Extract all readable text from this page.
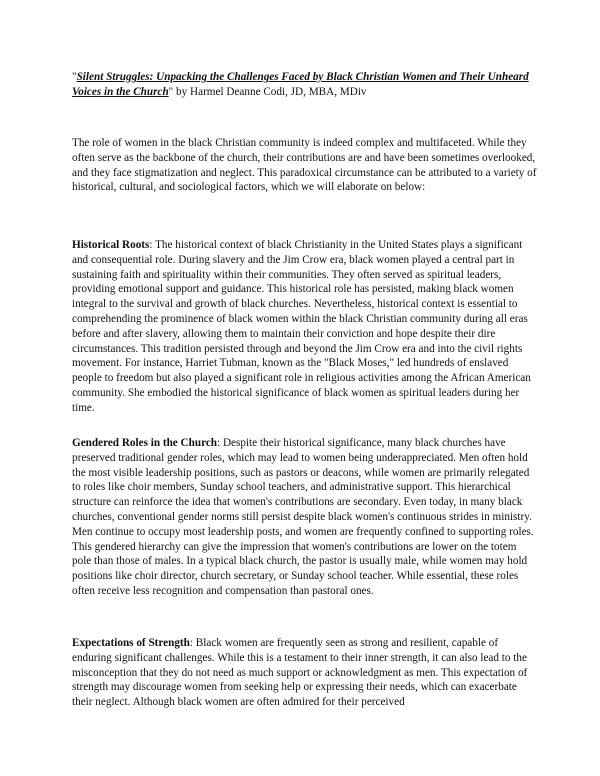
"Silent Struggles: Unpacking the Challenges Faced by Black Christian Women and Their Unheard Voices in the Church" by Harmel Deanne Codi, JD, MBA, MDiv

The role of women in the black Christian community is indeed complex and multifaceted. While they often serve as the backbone of the church, their contributions are and have been sometimes overlooked, and they face stigmatization and neglect. This paradoxical circumstance can be attributed to a variety of historical, cultural, and sociological factors, which we will elaborate on below:

Historical Roots: The historical context of black Christianity in the United States plays a significant and consequential role. During slavery and the Jim Crow era, black women played a central part in sustaining faith and spirituality within their communities. They often served as spiritual leaders, providing emotional support and guidance. This historical role has persisted, making black women integral to the survival and growth of black churches. Nevertheless, historical context is essential to comprehending the prominence of black women within the black Christian community during all eras before and after slavery, allowing them to maintain their conviction and hope despite their dire circumstances. This tradition persisted through and beyond the Jim Crow era and into the civil rights movement. For instance, Harriet Tubman, known as the "Black Moses," led hundreds of enslaved people to freedom but also played a significant role in religious activities among the African American community. She embodied the historical significance of black women as spiritual leaders during her time.

Gendered Roles in the Church: Despite their historical significance, many black churches have preserved traditional gender roles, which may lead to women being underappreciated. Men often hold the most visible leadership positions, such as pastors or deacons, while women are primarily relegated to roles like choir members, Sunday school teachers, and administrative support. This hierarchical structure can reinforce the idea that women's contributions are secondary. Even today, in many black churches, conventional gender norms still persist despite black women's continuous strides in ministry. Men continue to occupy most leadership posts, and women are frequently confined to supporting roles. This gendered hierarchy can give the impression that women's contributions are lower on the totem pole than those of males. In a typical black church, the pastor is usually male, while women may hold positions like choir director, church secretary, or Sunday school teacher. While essential, these roles often receive less recognition and compensation than pastoral ones.

Expectations of Strength: Black women are frequently seen as strong and resilient, capable of enduring significant challenges. While this is a testament to their inner strength, it can also lead to the misconception that they do not need as much support or acknowledgment as men. This expectation of strength may discourage women from seeking help or expressing their needs, which can exacerbate their neglect. Although black women are often admired for their perceived
